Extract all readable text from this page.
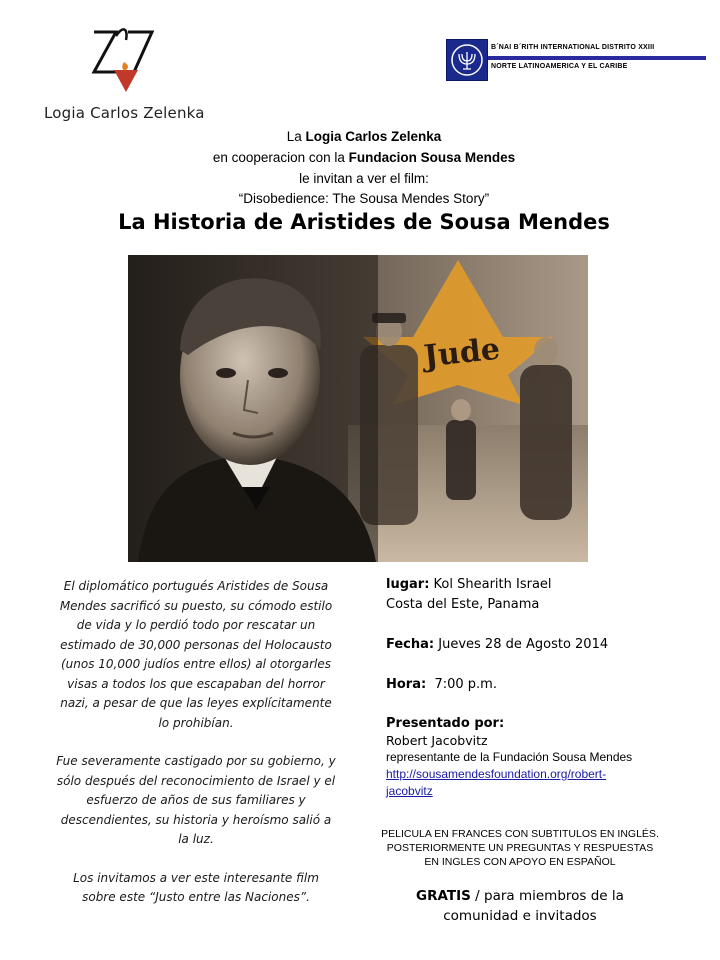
Logia Carlos Zelenka
B´NAI B´RITH INTERNATIONAL DISTRITO XXIII
NORTE LATINOAMERICA Y EL CARIBE
La Logia Carlos Zelenka
en cooperacion con la Fundacion Sousa Mendes
le invitan a ver el film:
“Disobedience: The Sousa Mendes Story”
La Historia de Aristides de Sousa Mendes
Jude

El diplomático portugués Aristides de Sousa Mendes sacrificó su puesto, su cómodo estilo de vida y lo perdió todo por rescatar un estimado de 30,000 personas del Holocausto (unos 10,000 judíos entre ellos) al otorgarles visas a todos los que escapaban del horror nazi, a pesar de que las leyes explícitamente lo prohibían.

Fue severamente castigado por su gobierno, y sólo después del reconocimiento de Israel y el esfuerzo de años de sus familiares y descendientes, su historia y heroísmo salió a la luz.

Los invitamos a ver este interesante film sobre este “Justo entre las Naciones”.

lugar: Kol Shearith Israel
Costa del Este, Panama
Fecha: Jueves 28 de Agosto 2014
Hora: 7:00 p.m.
Presentado por:
Robert Jacobvitz
representante de la Fundación Sousa Mendes
http://sousamendesfoundation.org/robert-
jacobvitz
PELICULA EN FRANCES CON SUBTITULOS EN INGLÉS.
POSTERIORMENTE UN PREGUNTAS Y RESPUESTAS
EN INGLES CON APOYO EN ESPAÑOL
GRATIS / para miembros de la
comunidad e invitados
